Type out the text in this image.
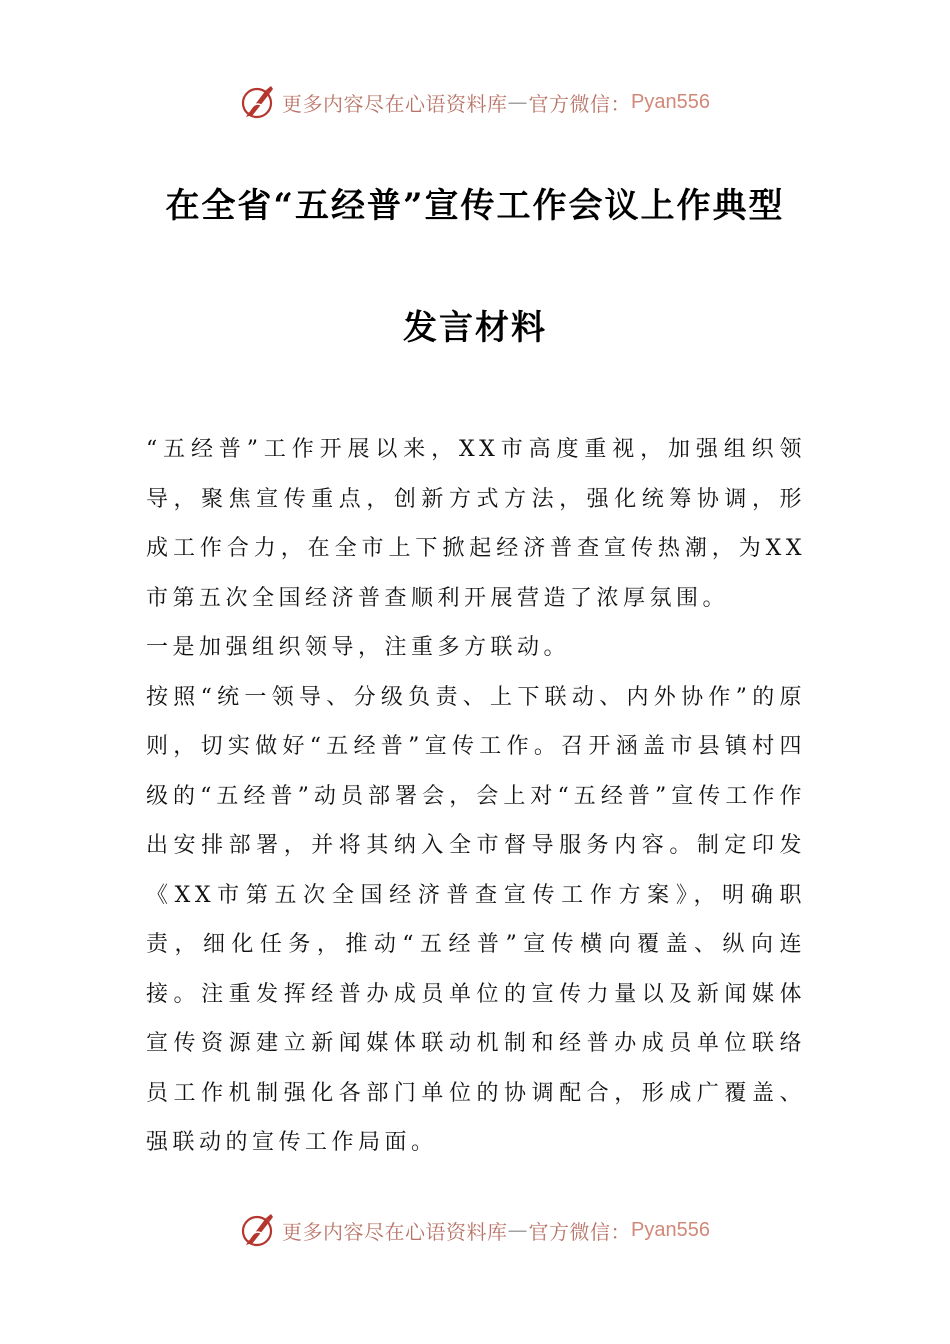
更多内容尽在心语资料库 — 官方微信： Pyan556
在全省“五经普”宣传工作会议上作典型
发言材料

“五经普”工作开展以来，XX市高度重视，加强组织领导，聚焦宣传重点，创新方式方法，强化统筹协调，形成工作合力，在全市上下掀起经济普查宣传热潮，为XX市第五次全国经济普查顺利开展营造了浓厚氛围。

一是加强组织领导，注重多方联动。

按照“统一领导、分级负责、上下联动、内外协作”的原则，切实做好“五经普”宣传工作。召开涵盖市县镇村四级的“五经普”动员部署会，会上对“五经普”宣传工作作出安排部署，并将其纳入全市督导服务内容。制定印发《XX市第五次全国经济普查宣传工作方案》，明确职责，细化任务，推动“五经普”宣传横向覆盖、纵向连接。注重发挥经普办成员单位的宣传力量以及新闻媒体宣传资源建立新闻媒体联动机制和经普办成员单位联络员工作机制强化各部门单位的协调配合，形成广覆盖、强联动的宣传工作局面。

更多内容尽在心语资料库 — 官方微信： Pyan556
